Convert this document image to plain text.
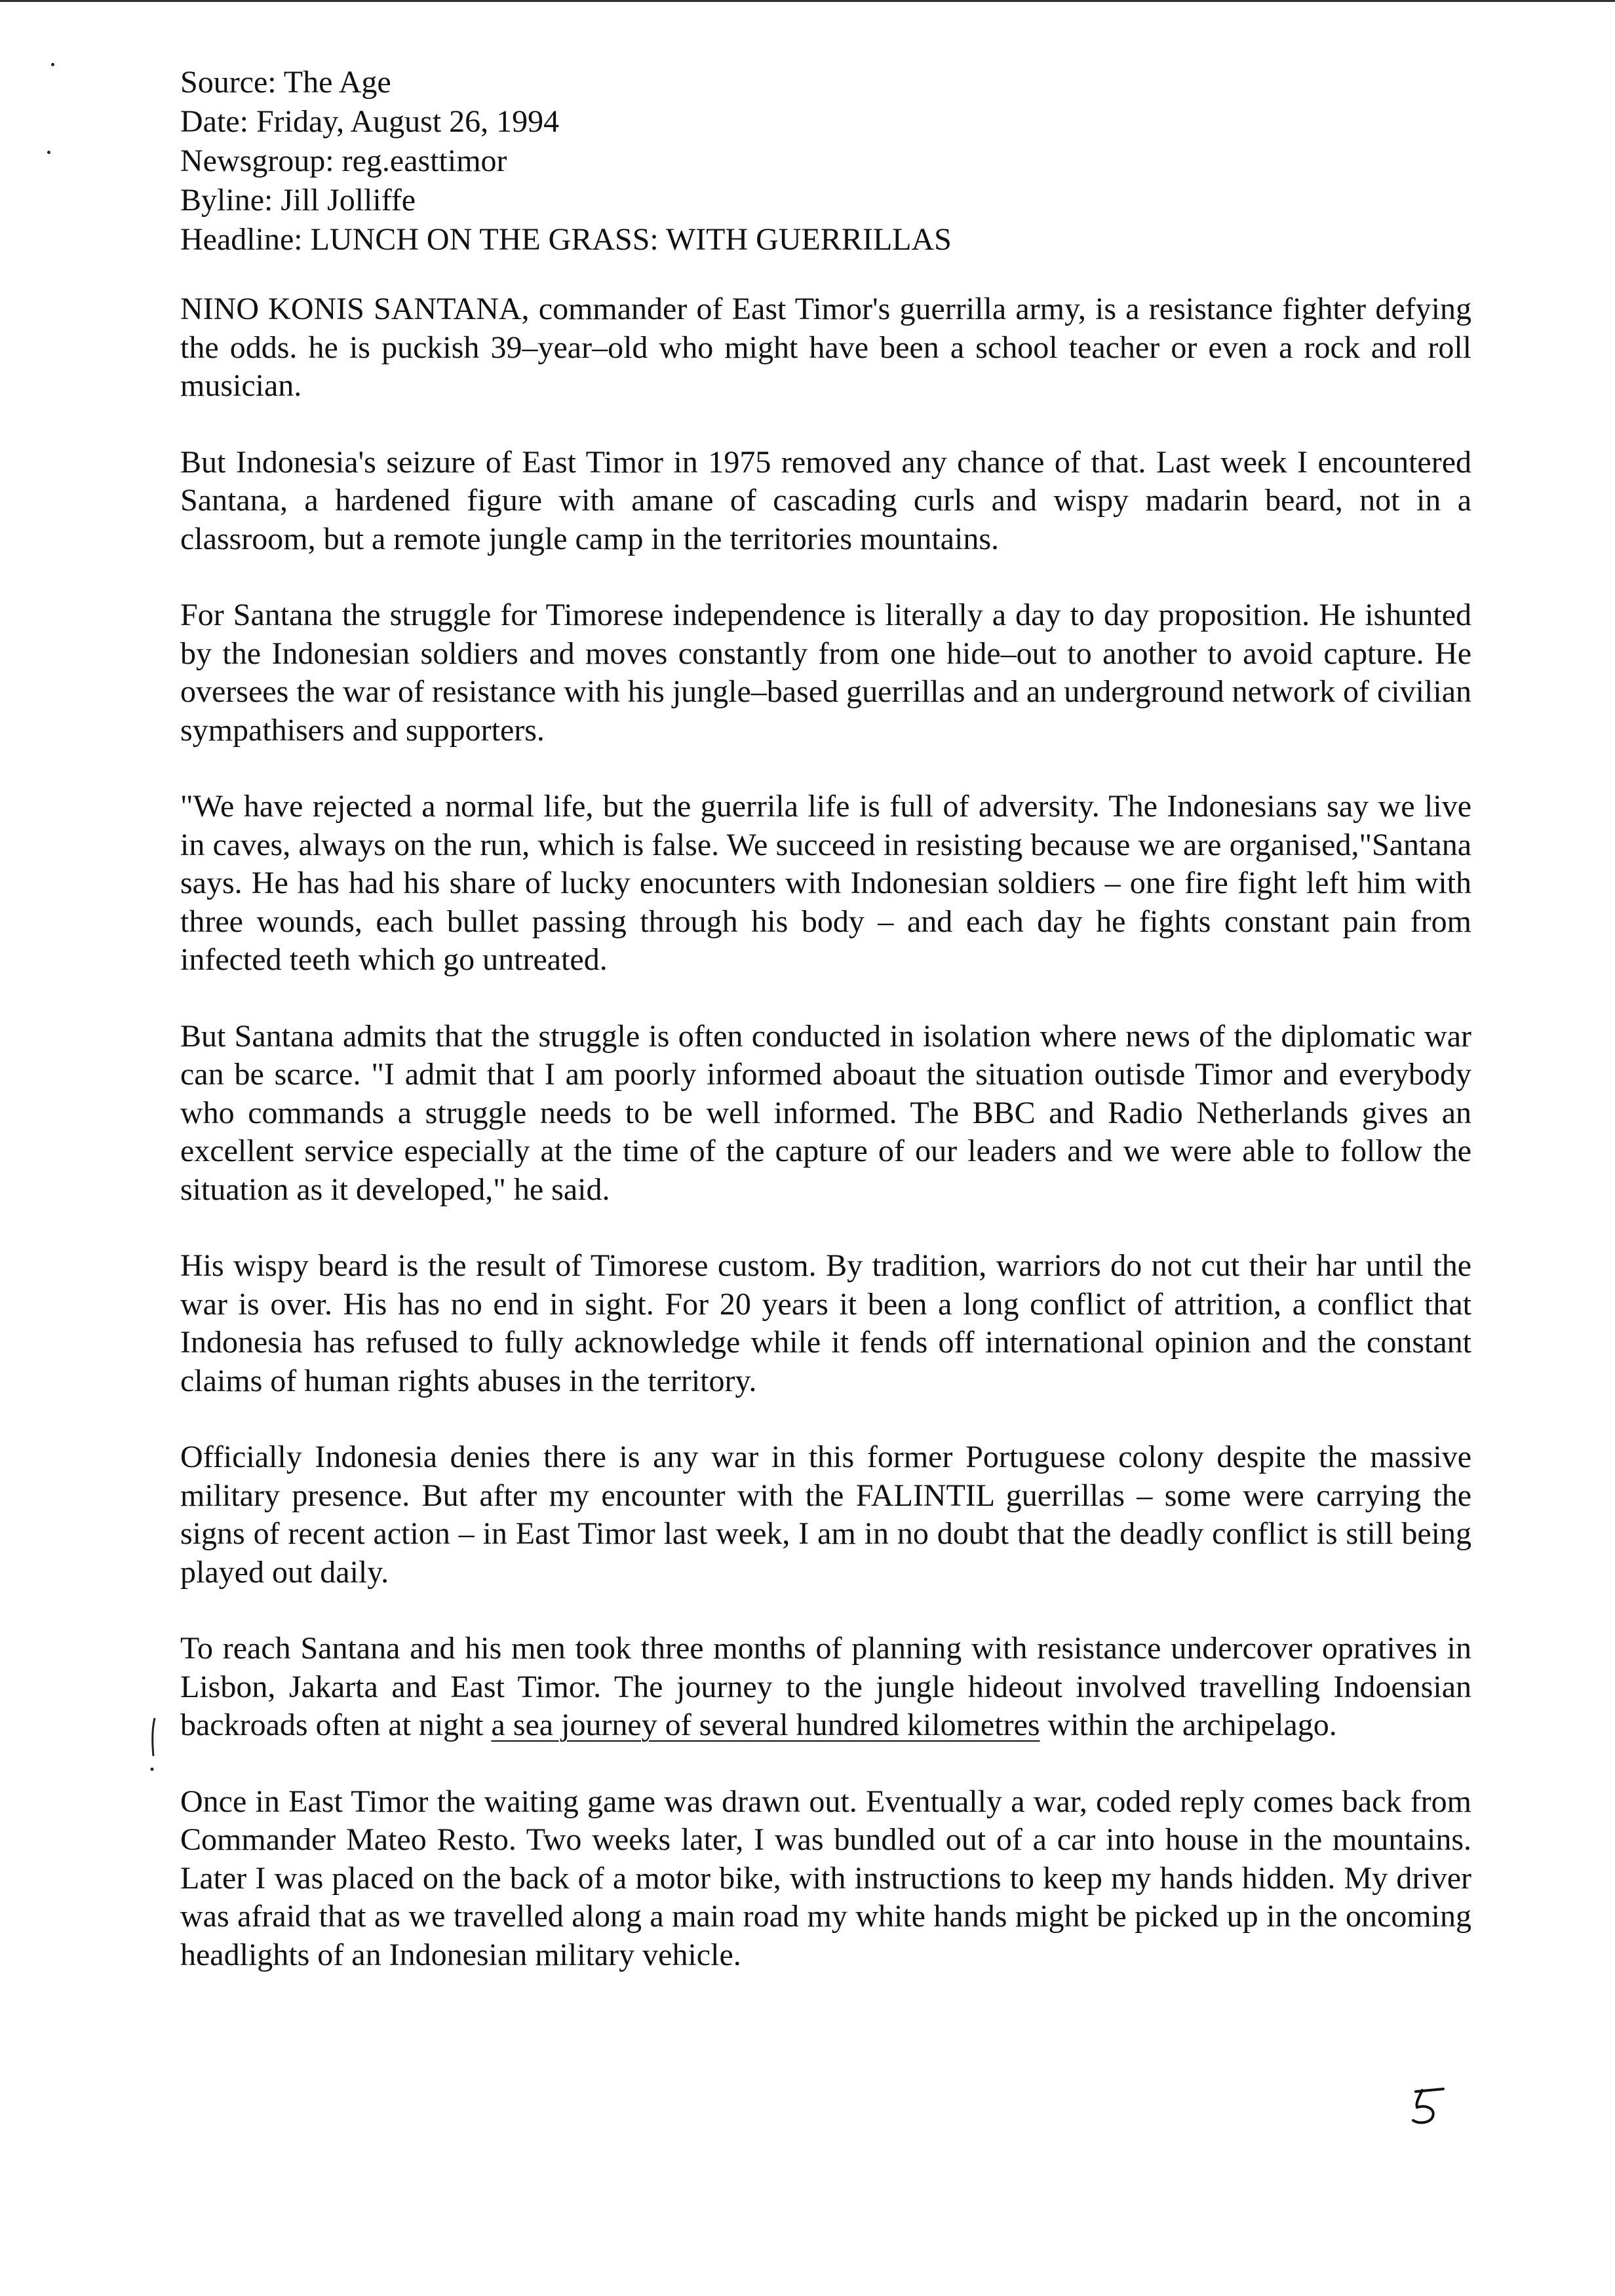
Source: The Age
Date: Friday, August 26, 1994
Newsgroup: reg.easttimor
Byline: Jill Jolliffe
Headline: LUNCH ON THE GRASS: WITH GUERRILLAS

NINO KONIS SANTANA, commander of East Timor's guerrilla army, is a resistance fighter defying the odds. he is puckish 39–year–old who might have been a school teacher or even a rock and roll musician.

But Indonesia's seizure of East Timor in 1975 removed any chance of that. Last week I encountered Santana, a hardened figure with amane of cascading curls and wispy madarin beard, not in a classroom, but a remote jungle camp in the territories mountains.

For Santana the struggle for Timorese independence is literally a day to day proposition. He ishunted by the Indonesian soldiers and moves constantly from one hide–out to another to avoid capture. He oversees the war of resistance with his jungle–based guerrillas and an underground network of civilian sympathisers and supporters.

"We have rejected a normal life, but the guerrila life is full of adversity. The Indonesians say we live in caves, always on the run, which is false. We succeed in resisting because we are organised,"Santana says. He has had his share of lucky enocunters with Indonesian soldiers – one fire fight left him with three wounds, each bullet passing through his body – and each day he fights constant pain from infected teeth which go untreated.

But Santana admits that the struggle is often conducted in isolation where news of the diplomatic war can be scarce. "I admit that I am poorly informed aboaut the situation outisde Timor and everybody who commands a struggle needs to be well informed. The BBC and Radio Netherlands gives an excellent service especially at the time of the capture of our leaders and we were able to follow the situation as it developed," he said.

His wispy beard is the result of Timorese custom. By tradition, warriors do not cut their har until the war is over. His has no end in sight. For 20 years it been a long conflict of attrition, a conflict that Indonesia has refused to fully acknowledge while it fends off international opinion and the constant claims of human rights abuses in the territory.

Officially Indonesia denies there is any war in this former Portuguese colony despite the massive military presence. But after my encounter with the FALINTIL guerrillas – some were carrying the signs of recent action – in East Timor last week, I am in no doubt that the deadly conflict is still being played out daily.

To reach Santana and his men took three months of planning with resistance undercover opratives in Lisbon, Jakarta and East Timor. The journey to the jungle hideout involved travelling Indoensian backroads often at night a sea journey of several hundred kilometres within the archipelago.

Once in East Timor the waiting game was drawn out. Eventually a war, coded reply comes back from Commander Mateo Resto. Two weeks later, I was bundled out of a car into house in the mountains. Later I was placed on the back of a motor bike, with instructions to keep my hands hidden. My driver was afraid that as we travelled along a main road my white hands might be picked up in the oncoming headlights of an Indonesian military vehicle.
